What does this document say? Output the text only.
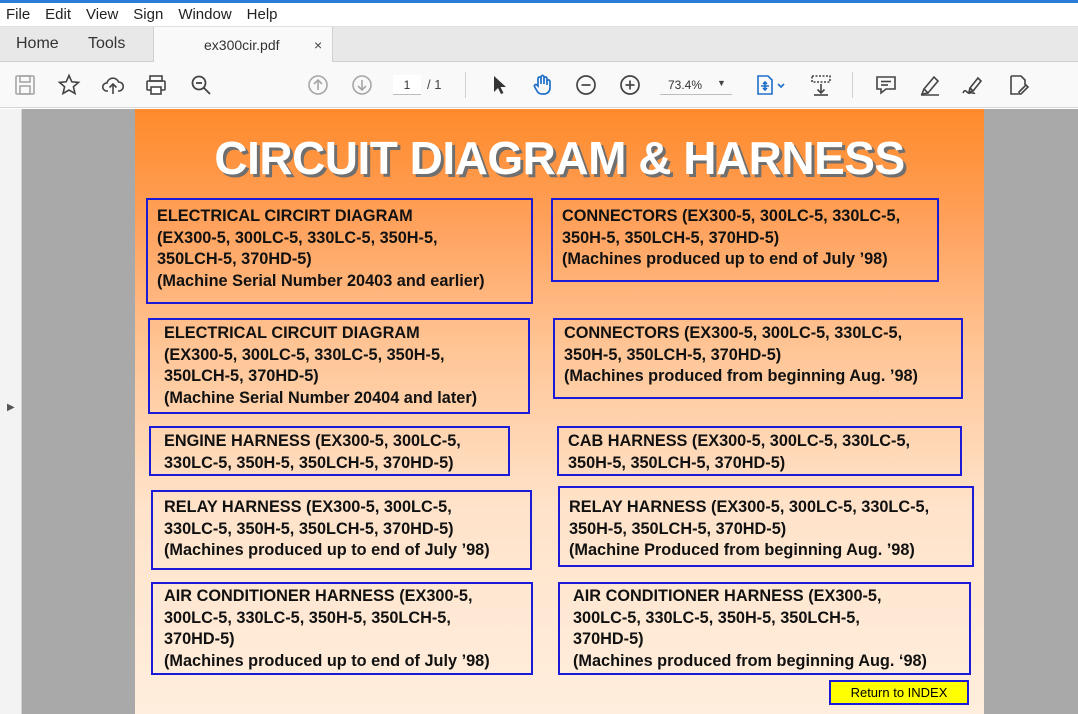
File Edit View Sign Window Help
Home Tools	ex300cir.pdf ×
1
/ 1	73.4% ▼
▶
CIRCUIT DIAGRAM & HARNESS
ELECTRICAL CIRCIRT DIAGRAM
(EX300-5, 300LC-5, 330LC-5, 350H-5,
350LCH-5, 370HD-5)
(Machine Serial Number 20403 and earlier)
CONNECTORS (EX300-5, 300LC-5, 330LC-5,
350H-5, 350LCH-5, 370HD-5)
(Machines produced up to end of July ’98)
ELECTRICAL CIRCUIT DIAGRAM
(EX300-5, 300LC-5, 330LC-5, 350H-5,
350LCH-5, 370HD-5)
(Machine Serial Number 20404 and later)
CONNECTORS (EX300-5, 300LC-5, 330LC-5,
350H-5, 350LCH-5, 370HD-5)
(Machines produced from beginning Aug. ’98)
ENGINE HARNESS (EX300-5, 300LC-5,
330LC-5, 350H-5, 350LCH-5, 370HD-5)
CAB HARNESS (EX300-5, 300LC-5, 330LC-5,
350H-5, 350LCH-5, 370HD-5)
RELAY HARNESS (EX300-5, 300LC-5,
330LC-5, 350H-5, 350LCH-5, 370HD-5)
(Machines produced up to end of July ’98)
RELAY HARNESS (EX300-5, 300LC-5, 330LC-5,
350H-5, 350LCH-5, 370HD-5)
(Machine Produced from beginning Aug. ’98)
AIR CONDITIONER HARNESS (EX300-5,
300LC-5, 330LC-5, 350H-5, 350LCH-5,
370HD-5)
(Machines produced up to end of July ’98)
AIR CONDITIONER HARNESS (EX300-5,
300LC-5, 330LC-5, 350H-5, 350LCH-5,
370HD-5)
(Machines produced from beginning Aug. ‘98)
Return to INDEX
